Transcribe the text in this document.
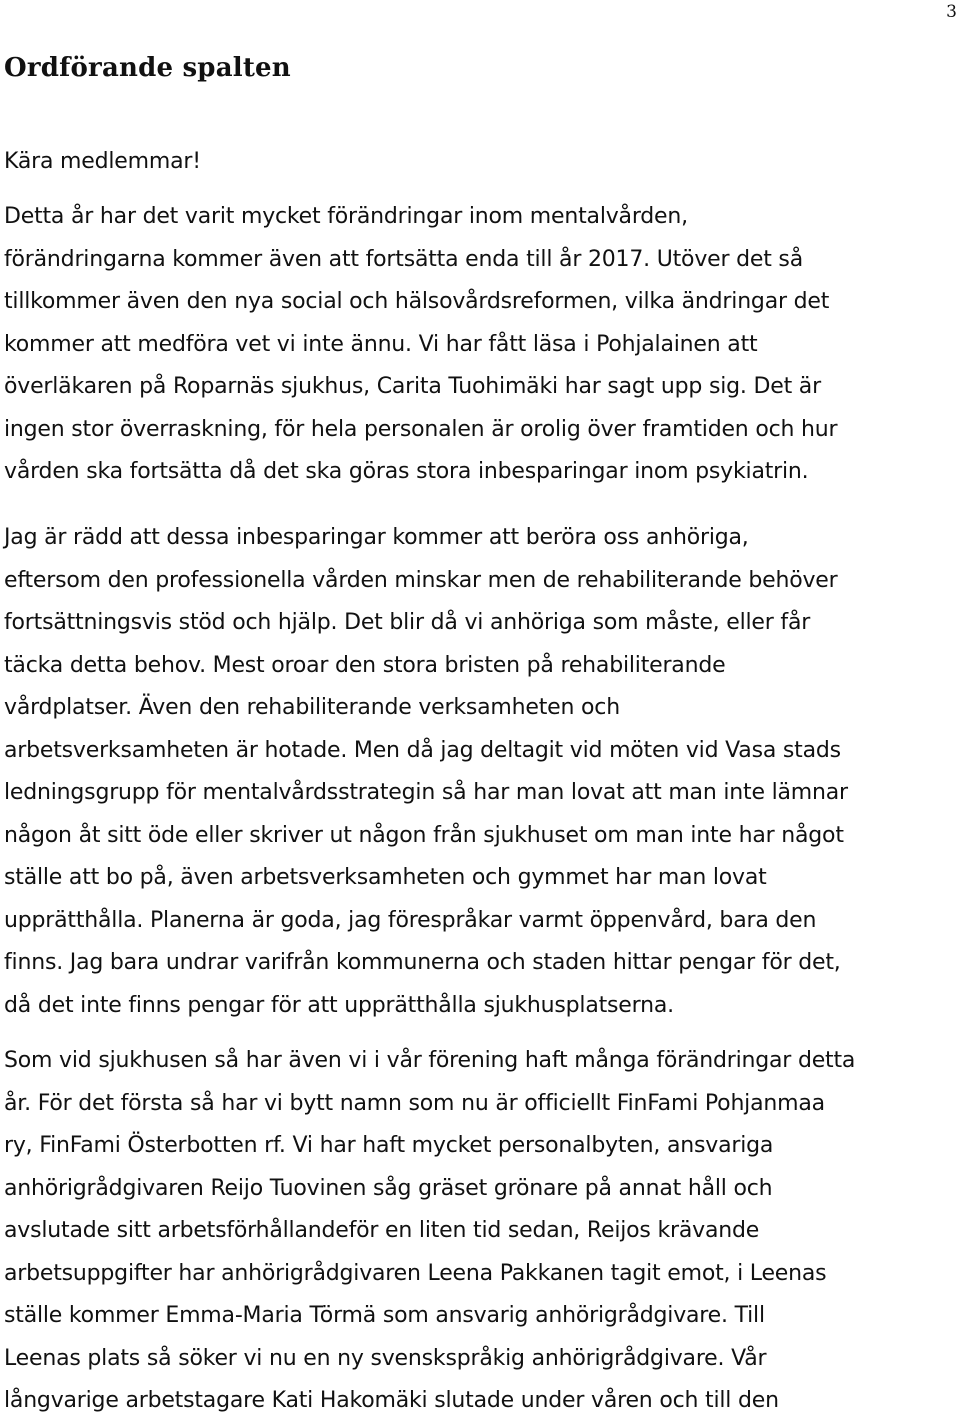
3
Ordförande spalten
Kära medlemmar!
Detta år har det varit mycket förändringar inom mentalvården,
förändringarna kommer även att fortsätta enda till år 2017. Utöver det så
tillkommer även den nya social och hälsovårdsreformen, vilka ändringar det
kommer att medföra vet vi inte ännu. Vi har fått läsa i Pohjalainen att
överläkaren på Roparnäs sjukhus, Carita Tuohimäki har sagt upp sig. Det är
ingen stor överraskning, för hela personalen är orolig över framtiden och hur
vården ska fortsätta då det ska göras stora inbesparingar inom psykiatrin.
Jag är rädd att dessa inbesparingar kommer att beröra oss anhöriga,
eftersom den professionella vården minskar men de rehabiliterande behöver
fortsättningsvis stöd och hjälp. Det blir då vi anhöriga som måste, eller får
täcka detta behov. Mest oroar den stora bristen på rehabiliterande
vårdplatser. Även den rehabiliterande verksamheten och
arbetsverksamheten är hotade. Men då jag deltagit vid möten vid Vasa stads
ledningsgrupp för mentalvårdsstrategin så har man lovat att man inte lämnar
någon åt sitt öde eller skriver ut någon från sjukhuset om man inte har något
ställe att bo på, även arbetsverksamheten och gymmet har man lovat
upprätthålla. Planerna är goda, jag förespråkar varmt öppenvård, bara den
finns. Jag bara undrar varifrån kommunerna och staden hittar pengar för det,
då det inte finns pengar för att upprätthålla sjukhusplatserna.
Som vid sjukhusen så har även vi i vår förening haft många förändringar detta
år. För det första så har vi bytt namn som nu är officiellt FinFami Pohjanmaa
ry, FinFami Österbotten rf. Vi har haft mycket personalbyten, ansvariga
anhörigrådgivaren Reijo Tuovinen såg gräset grönare på annat håll och
avslutade sitt arbetsförhållandeför en liten tid sedan, Reijos krävande
arbetsuppgifter har anhörigrådgivaren Leena Pakkanen tagit emot, i Leenas
ställe kommer Emma-Maria Törmä som ansvarig anhörigrådgivare. Till
Leenas plats så söker vi nu en ny svenskspråkig anhörigrådgivare. Vår
långvarige arbetstagare Kati Hakomäki slutade under våren och till den
